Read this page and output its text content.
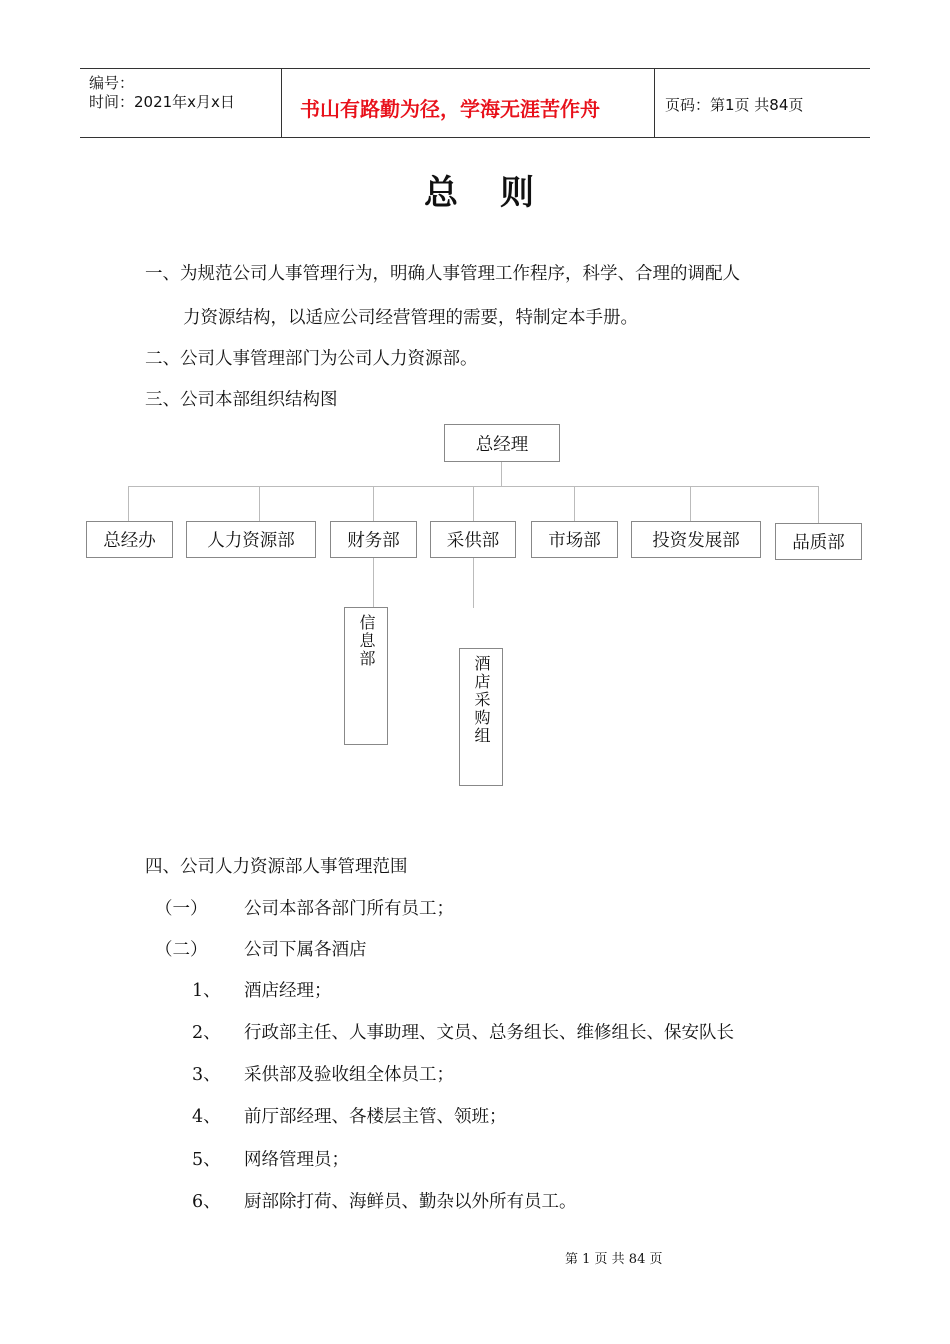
编号：
时间：2021年x月x日	书山有路勤为径，学海无涯苦作舟	页码：第1页 共84页
总则
一、为规范公司人事管理行为，明确人事管理工作程序，科学、合理的调配人
力资源结构，以适应公司经营管理的需要，特制定本手册。
二、公司人事管理部门为公司人力资源部。
三、公司本部组织结构图
总经理
总经办	人力资源部	财务部	采供部	市场部	投资发展部	品质部
信息部
酒店采购组
四、公司人力资源部人事管理范围
（一） 公司本部各部门所有员工；
（二） 公司下属各酒店
1、 酒店经理；
2、 行政部主任、人事助理、文员、总务组长、维修组长、保安队长
3、 采供部及验收组全体员工；
4、 前厅部经理、各楼层主管、领班；
5、 网络管理员；
6、 厨部除打荷、海鲜员、勤杂以外所有员工。
第 1 页 共 84 页
